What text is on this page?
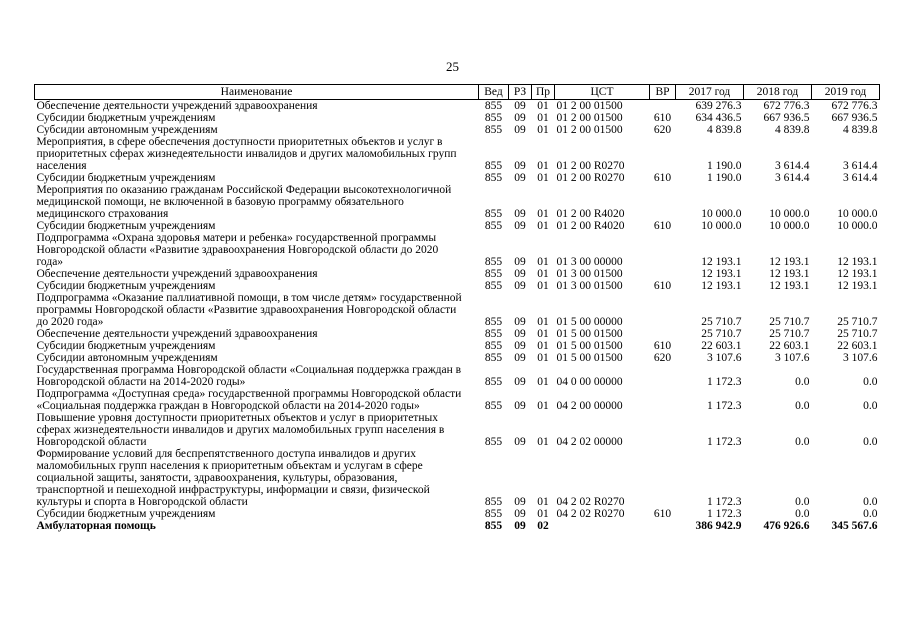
25
Наименование	Вед	РЗ	Пр	ЦСТ	ВР	2017 год	2018 год	2019 год
Обеспечение деятельности учреждений здравоохранения	855	09	01	01 2 00 01500		639 276.3	672 776.3	672 776.3
Субсидии бюджетным учреждениям	855	09	01	01 2 00 01500	610	634 436.5	667 936.5	667 936.5
Субсидии автономным учреждениям	855	09	01	01 2 00 01500	620	4 839.8	4 839.8	4 839.8
Мероприятия, в сфере обеспечения доступности приоритетных объектов и услуг в приоритетных сферах жизнедеятельности инвалидов и других маломобильных групп населения	855	09	01	01 2 00 R0270		1 190.0	3 614.4	3 614.4
Субсидии бюджетным учреждениям	855	09	01	01 2 00 R0270	610	1 190.0	3 614.4	3 614.4
Мероприятия по оказанию гражданам Российской Федерации высокотехнологичной медицинской помощи, не включенной в базовую программу обязательного медицинского страхования	855	09	01	01 2 00 R4020		10 000.0	10 000.0	10 000.0
Субсидии бюджетным учреждениям	855	09	01	01 2 00 R4020	610	10 000.0	10 000.0	10 000.0
Подпрограмма «Охрана здоровья матери и ребенка» государственной программы Новгородской области «Развитие здравоохранения Новгородской области до 2020 года»	855	09	01	01 3 00 00000		12 193.1	12 193.1	12 193.1
Обеспечение деятельности учреждений здравоохранения	855	09	01	01 3 00 01500		12 193.1	12 193.1	12 193.1
Субсидии бюджетным учреждениям	855	09	01	01 3 00 01500	610	12 193.1	12 193.1	12 193.1
Подпрограмма «Оказание паллиативной помощи, в том числе детям» государственной программы Новгородской области «Развитие здравоохранения Новгородской области до 2020 года»	855	09	01	01 5 00 00000		25 710.7	25 710.7	25 710.7
Обеспечение деятельности учреждений здравоохранения	855	09	01	01 5 00 01500		25 710.7	25 710.7	25 710.7
Субсидии бюджетным учреждениям	855	09	01	01 5 00 01500	610	22 603.1	22 603.1	22 603.1
Субсидии автономным учреждениям	855	09	01	01 5 00 01500	620	3 107.6	3 107.6	3 107.6
Государственная программа Новгородской области «Социальная поддержка граждан в Новгородской области на 2014-2020 годы»	855	09	01	04 0 00 00000		1 172.3	0.0	0.0
Подпрограмма «Доступная среда» государственной программы Новгородской области «Социальная поддержка граждан в Новгородской области на 2014-2020 годы»	855	09	01	04 2 00 00000		1 172.3	0.0	0.0
Повышение уровня доступности приоритетных объектов и услуг в приоритетных сферах жизнедеятельности инвалидов и других маломобильных групп населения в Новгородской области	855	09	01	04 2 02 00000		1 172.3	0.0	0.0
Формирование условий для беспрепятственного доступа инвалидов и других маломобильных групп населения к приоритетным объектам и услугам в сфере социальной защиты, занятости, здравоохранения, культуры, образования, транспортной и пешеходной инфраструктуры, информации и связи, физической культуры и спорта в Новгородской области	855	09	01	04 2 02 R0270		1 172.3	0.0	0.0
Субсидии бюджетным учреждениям	855	09	01	04 2 02 R0270	610	1 172.3	0.0	0.0
Амбулаторная помощь	855	09	02			386 942.9	476 926.6	345 567.6
